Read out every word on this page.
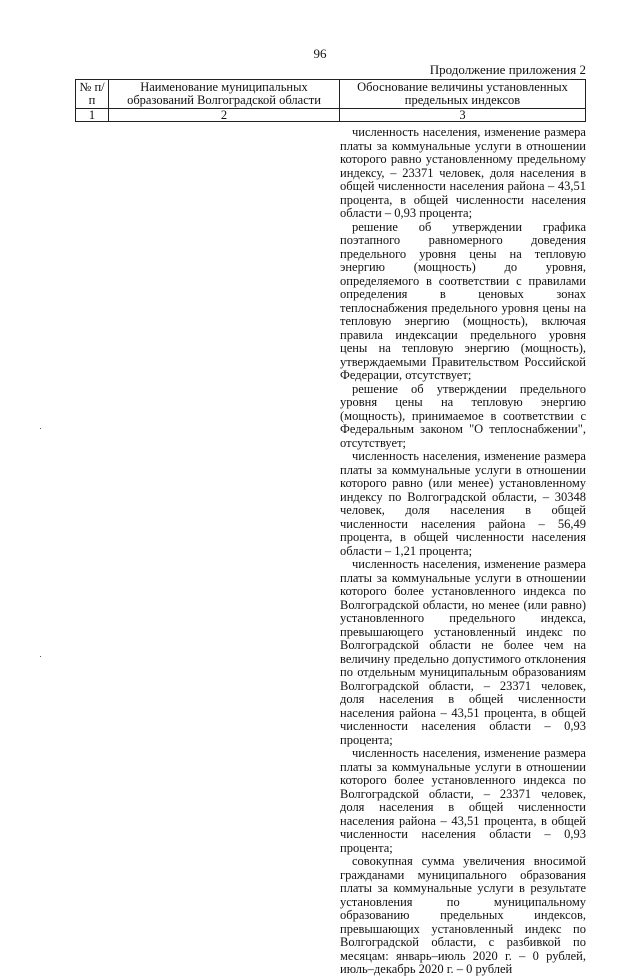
96
Продолжение приложения 2
№ п/п	Наименование муниципальных образований Волгоградской области	Обоснование величины установленных предельных индексов
1	2	3

численность населения, изменение размера платы за коммунальные услуги в отношении которого равно установленному предельному индексу, – 23371 человек, доля населения в общей численности населения района – 43,51 процента, в общей численности населения области – 0,93 процента;

решение об утверждении графика поэтапного равномерного доведения предельного уровня цены на тепловую энергию (мощность) до уровня, определяемого в соответствии с правилами определения в ценовых зонах теплоснабжения предельного уровня цены на тепловую энергию (мощность), включая правила индексации предельного уровня цены на тепловую энергию (мощность), утверждаемыми Правительством Российской Федерации, отсутствует;

решение об утверждении предельного уровня цены на тепловую энергию (мощность), принимаемое в соответствии с Федеральным законом "О теплоснабжении", отсутствует;

численность населения, изменение размера платы за коммунальные услуги в отношении которого равно (или менее) установленному индексу по Волгоградской области, – 30348 человек, доля населения в общей численности населения района – 56,49 процента, в общей численности населения области – 1,21 процента;

численность населения, изменение размера платы за коммунальные услуги в отношении которого более установленного индекса по Волгоградской области, но менее (или равно) установленного предельного индекса, превышающего установленный индекс по Волгоградской области не более чем на величину предельно допустимого отклонения по отдельным муниципальным образованиям Волгоградской области, – 23371 человек, доля населения в общей численности населения района – 43,51 процента, в общей численности населения области – 0,93 процента;

численность населения, изменение размера платы за коммунальные услуги в отношении которого более установленного индекса по Волгоградской области, – 23371 человек, доля населения в общей численности населения района – 43,51 процента, в общей численности населения области – 0,93 процента;

совокупная сумма увеличения вносимой гражданами муниципального образования платы за коммунальные услуги в результате установления по муниципальному образованию предельных индексов, превышающих установленный индекс по Волгоградской области, с разбивкой по месяцам: январь–июль 2020 г. – 0 рублей, июль–декабрь 2020 г. – 0 рублей
